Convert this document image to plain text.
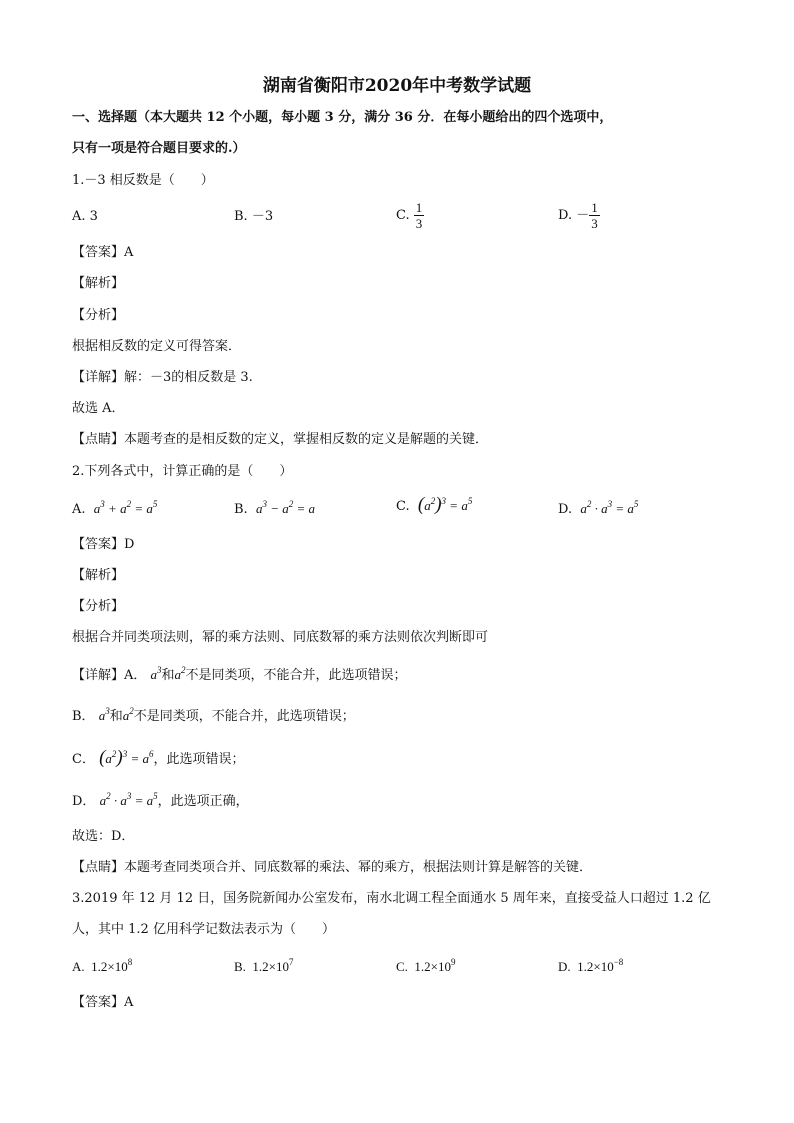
湖南省衡阳市2020年中考数学试题
一、选择题（本大题共 12 个小题，每小题 3 分，满分 36 分．在每小题给出的四个选项中，
只有一项是符合题目要求的.）
1.－3 相反数是（　　）
A. 3	B. －3	C. $\frac{1}{3}$	D. － $\frac{1}{3}$
【答案】A
【解析】
【分析】
根据相反数的定义可得答案．
【详解】解：－3的相反数是 3.
故选 A．
【点睛】本题考查的是相反数的定义，掌握相反数的定义是解题的关键．
2.下列各式中，计算正确的是（　　）
A. $a^3 + a^2 = a^5$	B. $a^3 - a^2 = a$	C. $(a^2)^3 = a^5$
D. $a^2 \cdot a^3 = a^5$
【答案】D
【解析】
【分析】
根据合并同类项法则，幂的乘方法则、同底数幂的乘方法则依次判断即可
【详解】A． $a^3$和$a^2$不是同类项，不能合并，此选项错误；
B． $a^3$和$a^2$不是同类项，不能合并，此选项错误；
C． $(a^2)^3 = a^6$，此选项错误；
D． $a^2 \cdot a^3 = a^5$，此选项正确，
故选：D．
【点睛】本题考查同类项合并、同底数幂的乘法、幂的乘方，根据法则计算是解答的关键．
3.2019 年 12 月 12 日，国务院新闻办公室发布，南水北调工程全面通水 5 周年来，直接受益人口超过 1.2 亿
人，其中 1.2 亿用科学记数法表示为（　　）
A. $1.2\times 10^8$	B. $1.2\times 10^7$	C. $1.2\times 10^9$	D. $1.2\times 10^{-8}$
【答案】A
